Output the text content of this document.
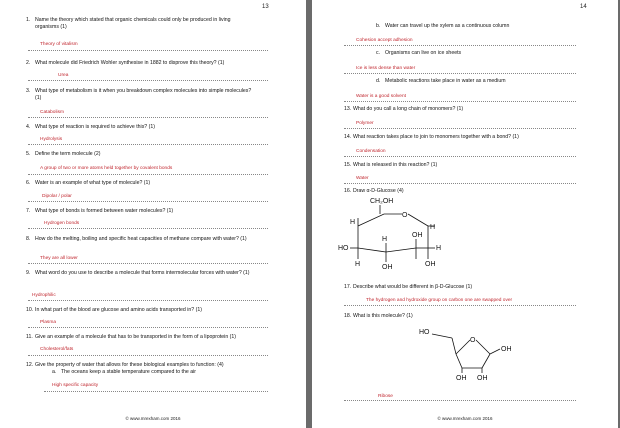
13
1. Name the theory which stated that organic chemicals could only be produced in living organisms (1)
Theory of vitalism
2. What molecule did Friedrich Wohler synthesise in 1882 to disprove this theory? (1)
Urea
3. What type of metabolism is it when you breakdown complex molecules into simple molecules? (1)
Catabolism
4. What type of reaction is required to achieve this? (1)
Hydrolysis
5. Define the term molecule (2)
A group of two or more atoms held together by covalent bonds
6. Water is an example of what type of molecule? (1)
Dipolar / polar
7. What type of bonds is formed between water molecules? (1)
Hydrogen bonds
8. How do the melting, boiling and specific heat capacities of methane compare with water? (1)
They are all lower
9. What word do you use to describe a molecule that forms intermolecular forces with water? (1)
Hydrophilic
10. In what part of the blood are glucose and amino acids transported in? (1)
Plasma
11. Give an example of a molecule that has to be transported in the form of a lipoprotein (1)
Cholesterol/fats
12. Give the property of water that allows for these biological examples to function: (4)
a. The oceans keep a stable temperature compared to the air
High specific capacity
© www.mrexham.com 2016
14
b. Water can travel up the xylem as a continuous column
Cohesion accept adhesion
c. Organisms can live on ice sheets
Ice is less dense than water
d. Metabolic reactions take place in water as a medium
Water is a good solvent
13. What do you call a long chain of monomers? (1)
Polymer
14. What reaction takes place to join to monomers together with a bond? (1)
Condensation
15. What is released in this reaction? (1)
Water
16. Draw α-D-Glucose (4)
CH₂OH
O
H
H
H
OH
H
HO
OH
H
OH
17. Describe what would be different in β-D-Glucose (1)
The hydrogen and hydroxide group on carbon one are swapped over
18. What is this molecule? (1)
HO
O
OH
OH OH
Ribose
© www.mrexham.com 2016
